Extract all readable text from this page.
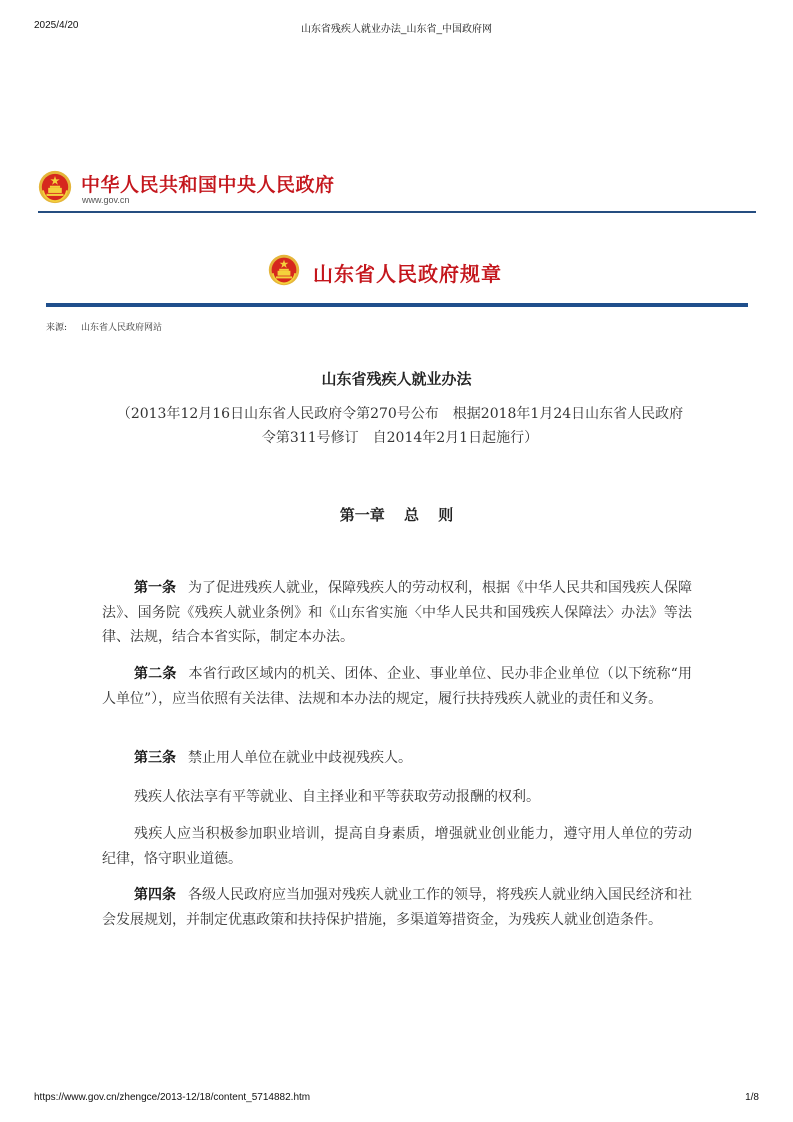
2025/4/20	山东省残疾人就业办法_山东省_中国政府网
中华人民共和国中央人民政府
www.gov.cn
山东省人民政府规章
来源: 山东省人民政府网站
山东省残疾人就业办法
（2013年12月16日山东省人民政府令第270号公布　根据2018年1月24日山东省人民政府令第311号修订　自2014年2月1日起施行）
第一章 总 则

第一条 为了促进残疾人就业，保障残疾人的劳动权利，根据《中华人民共和国残疾人保障法》、国务院《残疾人就业条例》和《山东省实施〈中华人民共和国残疾人保障法〉办法》等法律、法规，结合本省实际，制定本办法。

第二条 本省行政区域内的机关、团体、企业、事业单位、民办非企业单位（以下统称“用人单位”），应当依照有关法律、法规和本办法的规定，履行扶持残疾人就业的责任和义务。

第三条 禁止用人单位在就业中歧视残疾人。

残疾人依法享有平等就业、自主择业和平等获取劳动报酬的权利。

残疾人应当积极参加职业培训，提高自身素质，增强就业创业能力，遵守用人单位的劳动纪律，恪守职业道德。

第四条 各级人民政府应当加强对残疾人就业工作的领导，将残疾人就业纳入国民经济和社会发展规划，并制定优惠政策和扶持保护措施，多渠道筹措资金，为残疾人就业创造条件。

https://www.gov.cn/zhengce/2013-12/18/content_5714882.htm	1/8
